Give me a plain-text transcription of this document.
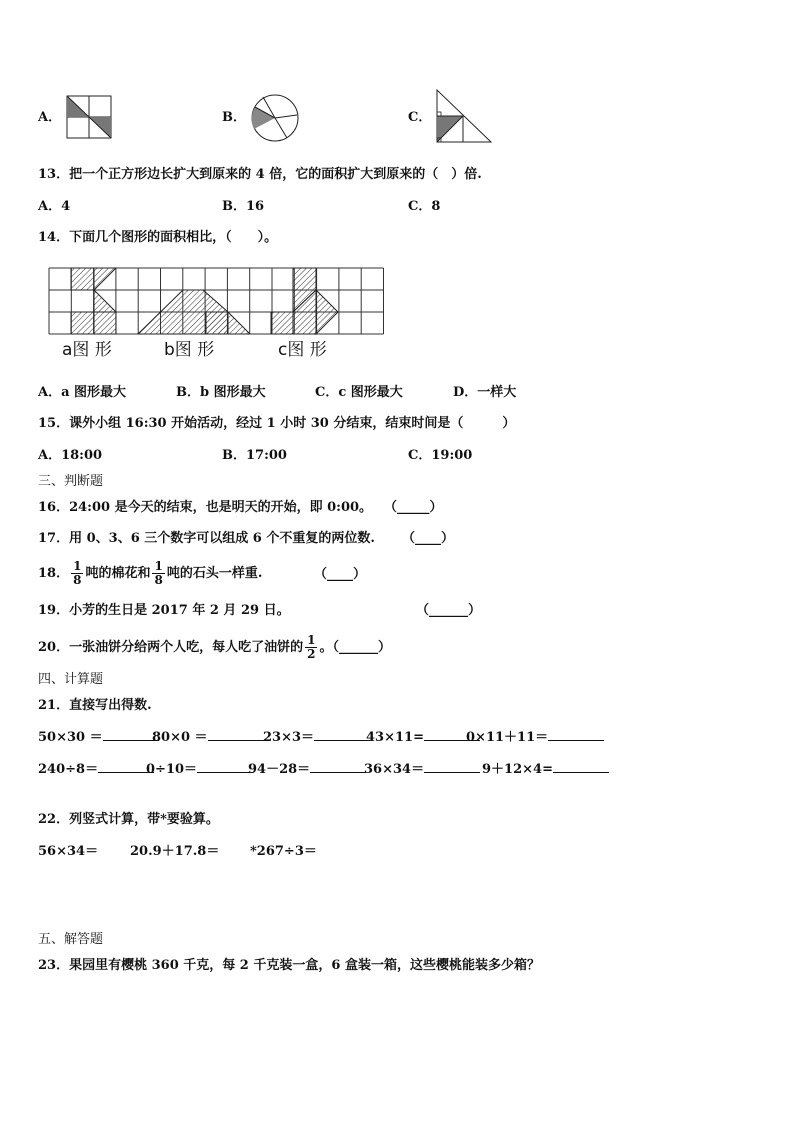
A．	B．	C．
13．把一个正方形边长扩大到原来的 4 倍，它的面积扩大到原来的（　）倍.
A．4	B．16	C．8
14．下面几个图形的面积相比，（　　）。
a图 形	b图 形	c图 形
A．a 图形最大	B．b 图形最大	C．c 图形最大	D．一样大
15．课外小组 16:30 开始活动，经过 1 小时 30 分结束，结束时间是（　　　）
A．18:00	B．17:00	C．19:00
三、判断题
16．24:00 是今天的结束，也是明天的开始，即 0:00。 （_____）
17．用 0、3、6 三个数字可以组成 6 个不重复的两位数. （____）
18． $\frac{1}{8}$ 吨的棉花和 $\frac{1}{8}$ 吨的石头一样重.	（____）
19．小芳的生日是 2017 年 2 月 29 日。	（______）
20．一张油饼分给两个人吃，每人吃了油饼的 $\frac{1}{2}$ 。（______）
四、计算题
21．直接写出得数.
50×30 ＝	80×0 ＝	23×3＝	43×11=	0×11＋11＝
240÷8＝	0÷10＝	94－28＝	36×34＝	9＋12×4=
22．列竖式计算，带*要验算。
56×34＝ 20.9＋17.8＝ *267÷3＝
五、解答题
23．果园里有樱桃 360 千克，每 2 千克装一盒，6 盒装一箱，这些樱桃能装多少箱？
